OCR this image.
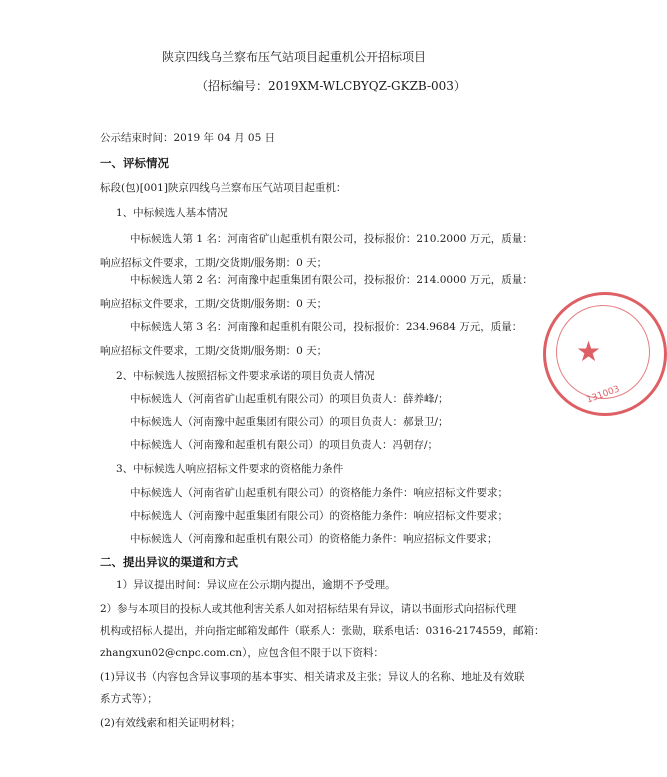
陕京四线乌兰察布压气站项目起重机公开招标项目
（招标编号：2019XM-WLCBYQZ-GKZB-003）
公示结束时间：2019 年 04 月 05 日
一、评标情况
标段(包)[001]陕京四线乌兰察布压气站项目起重机：
1、中标候选人基本情况
中标候选人第 1 名：河南省矿山起重机有限公司，投标报价：210.2000 万元，质量：
响应招标文件要求，工期/交货期/服务期：0 天；
中标候选人第 2 名：河南豫中起重集团有限公司，投标报价：214.0000 万元，质量：
响应招标文件要求，工期/交货期/服务期：0 天；
中标候选人第 3 名：河南豫和起重机有限公司，投标报价：234.9684 万元，质量：
响应招标文件要求，工期/交货期/服务期：0 天；
2、中标候选人按照招标文件要求承诺的项目负责人情况
中标候选人（河南省矿山起重机有限公司）的项目负责人：薛养峰/；
中标候选人（河南豫中起重集团有限公司）的项目负责人：郝景卫/；
中标候选人（河南豫和起重机有限公司）的项目负责人：冯朝存/；
3、中标候选人响应招标文件要求的资格能力条件
中标候选人（河南省矿山起重机有限公司）的资格能力条件：响应招标文件要求；
中标候选人（河南豫中起重集团有限公司）的资格能力条件：响应招标文件要求；
中标候选人（河南豫和起重机有限公司）的资格能力条件：响应招标文件要求；
二、提出异议的渠道和方式
1）异议提出时间：异议应在公示期内提出，逾期不予受理。
2）参与本项目的投标人或其他利害关系人如对招标结果有异议，请以书面形式向招标代理
机构或招标人提出，并向指定邮箱发邮件（联系人：张勋，联系电话：0316-2174559，邮箱：
zhangxun02@cnpc.com.cn），应包含但不限于以下资料：
(1)异议书（内容包含异议事项的基本事实、相关请求及主张；异议人的名称、地址及有效联
系方式等）；
(2)有效线索和相关证明材料；
★
131003
